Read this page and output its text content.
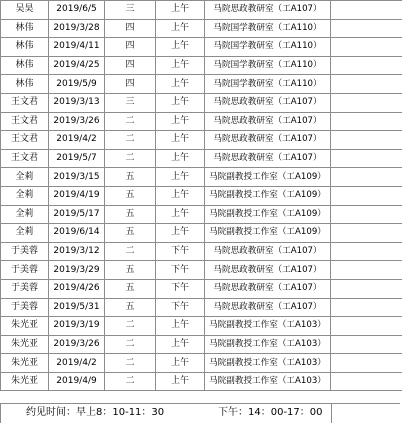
吴昊	2019/6/5	三	上午	马院思政教研室（工A107）	
林伟	2019/3/28	四	上午	马院国学教研室（工A110）	
林伟	2019/4/11	四	上午	马院国学教研室（工A110）	
林伟	2019/4/25	四	上午	马院国学教研室（工A110）	
林伟	2019/5/9	四	上午	马院国学教研室（工A110）	
王文君	2019/3/13	三	上午	马院思政教研室（工A107）	
王文君	2019/3/26	二	上午	马院思政教研室（工A107）	
王文君	2019/4/2	二	上午	马院思政教研室（工A107）	
王文君	2019/5/7	二	上午	马院思政教研室（工A107）	
全莉	2019/3/15	五	上午	马院副教授工作室（工A109）	
全莉	2019/4/19	五	上午	马院副教授工作室（工A109）	
全莉	2019/5/17	五	上午	马院副教授工作室（工A109）	
全莉	2019/6/14	五	上午	马院副教授工作室（工A109）	
于美蓉	2019/3/12	二	下午	马院思政教研室（工A107）	
于美蓉	2019/3/29	五	下午	马院思政教研室（工A107）	
于美蓉	2019/4/26	五	下午	马院思政教研室（工A107）	
于美蓉	2019/5/31	五	下午	马院思政教研室（工A107）	
朱光亚	2019/3/19	二	上午	马院副教授工作室（工A103）	
朱光亚	2019/3/26	二	上午	马院副教授工作室（工A103）	
朱光亚	2019/4/2	二	上午	马院副教授工作室（工A103）	
朱光亚	2019/4/9	二	上午	马院副教授工作室（工A103）	
约见时间：早上8：10-11：30	下午：14：00-17：00
